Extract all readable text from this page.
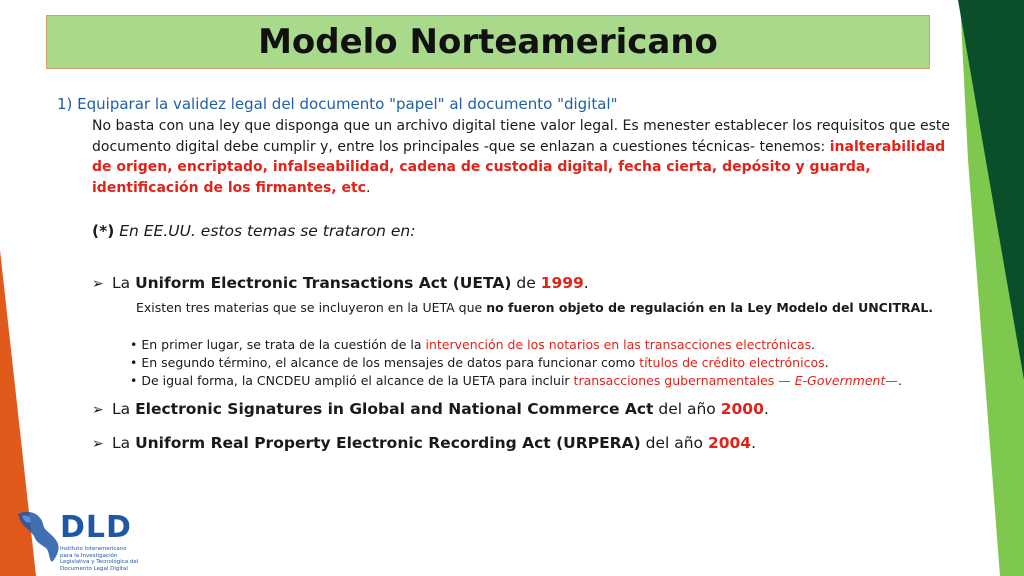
Modelo Norteamericano
1) Equiparar la validez legal del documento "papel" al documento "digital"
No basta con una ley que disponga que un archivo digital tiene valor legal. Es menester establecer los requisitos que este documento digital debe cumplir y, entre los principales -que se enlazan a cuestiones técnicas- tenemos: inalterabilidad de origen, encriptado, infalseabilidad, cadena de custodia digital, fecha cierta, depósito y guarda, identificación de los firmantes, etc.
(*) En EE.UU. estos temas se trataron en:
➢ La Uniform Electronic Transactions Act (UETA) de 1999.
Existen tres materias que se incluyeron en la UETA que no fueron objeto de regulación en la Ley Modelo del UNCITRAL.
• En primer lugar, se trata de la cuestión de la intervención de los notarios en las transacciones electrónicas.
• En segundo término, el alcance de los mensajes de datos para funcionar como títulos de crédito electrónicos.
• De igual forma, la CNCDEU amplió el alcance de la UETA para incluir transacciones gubernamentales — E-Government—.
➢ La Electronic Signatures in Global and National Commerce Act del año 2000.
➢ La Uniform Real Property Electronic Recording Act (URPERA) del año 2004.
DLD
Instituto Interamericano para la Investigación Legislativa y Tecnológica del Documento Legal Digital
